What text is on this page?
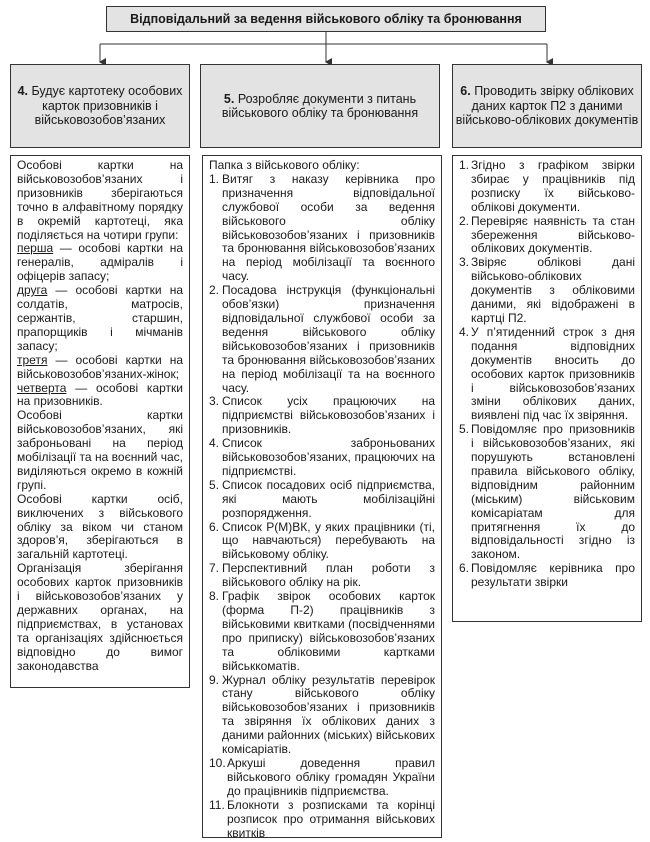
Відповідальний за ведення військового обліку та бронювання
4. Будує картотеку особових карток призовників і військовозобов’язаних
5. Розробляє документи з питань військового обліку та бронювання
6. Проводить звірку облікових даних карток П2 з даними військово-облікових документів

Особові картки на військовозобов’язаних і призовників зберігаються точно в алфавітному порядку в окремій картотеці, яка поділяється на чотири групи:

перша — особові картки на генералів, адміралів і офіцерів запасу;

друга — особові картки на солдатів, матросів, сержантів, старшин, прапорщиків і мічманів запасу;

третя — особові картки на військовозобов’язаних-жінок;

четверта — особові картки на призовників.

Особові картки військовозобов’язаних, які заброньовані на період мобілізації та на воєнний час, виділяються окремо в кожній групі.

Особові картки осіб, виключених з військового обліку за віком чи станом здоров’я, зберігаються в загальній картотеці.

Організація зберігання особових карток призовників і військовозобов’язаних у державних органах, на підприємствах, в установах та організаціях здійснюється відповідно до вимог законодавства

Папка з військового обліку:

1. Витяг з наказу керівника про призначення відповідальної службової особи за ведення військового обліку військовозобов’язаних і призовників та бронювання військовозобов’язаних на період мобілізації та воєнного часу.
2. Посадова інструкція (функціональні обов’язки) призначення відповідальної службової особи за ведення військового обліку військовозобов’язаних і призовників та бронювання військовозобов’язаних на період мобілізації та на воєнного часу.
3. Список усіх працюючих на підприємстві військовозобов’язаних і призовників.
4. Список заброньованих військовозобов’язаних, працюючих на підприємстві.
5. Список посадових осіб підприємства, які мають мобілізаційні розпорядження.
6. Список Р(М)ВК, у яких працівники (ті, що навчаються) перебувають на військовому обліку.
7. Перспективний план роботи з військового обліку на рік.
8. Графік звірок особових карток (форма П-2) працівників з військовими квитками (посвідченнями про приписку) військовозобов’язаних та обліковими картками військкоматів.
9. Журнал обліку результатів перевірок стану військового обліку військовозобов’язаних і призовників та звіряння їх облікових даних з даними районних (міських) військових комісаріатів.
10. Аркуші доведення правил військового обліку громадян України до працівників підприємства.
11. Блокноти з розписками та корінці розписок про отримання військових квитків
1. Згідно з графіком звірки збирає у працівників під розписку їх військово-облікові документи.
2. Перевіряє наявність та стан збереження військово-облікових документів.
3. Звіряє облікові дані військово-облікових документів з обліковими даними, які відображені в картці П2.
4. У п’ятиденний строк з дня подання відповідних документів вносить до особових карток призовників і військовозобов’язаних зміни облікових даних, виявлені під час їх звіряння.
5. Повідомляє про призовників і військовозобов’язаних, які порушують встановлені правила військового обліку, відповідним районним (міським) військовим комісаріатам для притягнення їх до відповідальності згідно із законом.
6. Повідомляє керівника про результати звірки
